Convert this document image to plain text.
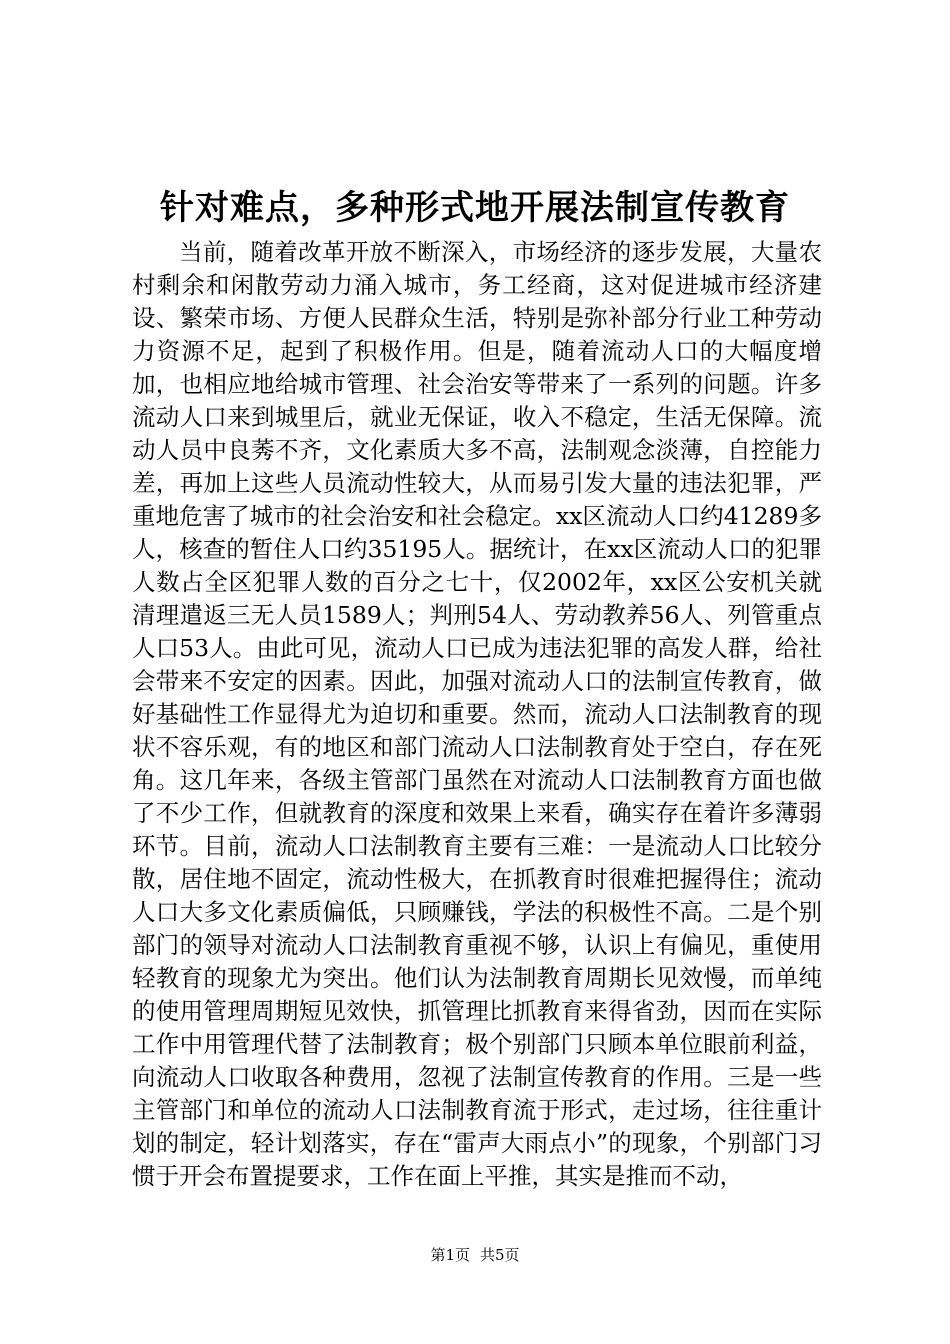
针对难点，多种形式地开展法制宣传教育

当前，随着改革开放不断深入，市场经济的逐步发展，大量农村剩余和闲散劳动力涌入城市，务工经商，这对促进城市经济建设、繁荣市场、方便人民群众生活，特别是弥补部分行业工种劳动力资源不足，起到了积极作用。但是，随着流动人口的大幅度增加，也相应地给城市管理、社会治安等带来了一系列的问题。许多流动人口来到城里后，就业无保证，收入不稳定，生活无保障。流动人员中良莠不齐，文化素质大多不高，法制观念淡薄，自控能力差，再加上这些人员流动性较大，从而易引发大量的违法犯罪，严重地危害了城市的社会治安和社会稳定。xx区流动人口约41289多人，核查的暂住人口约35195人。据统计，在xx区流动人口的犯罪人数占全区犯罪人数的百分之七十，仅2002年，xx区公安机关就清理遣返三无人员1589人；判刑54人、劳动教养56人、列管重点人口53人。由此可见，流动人口已成为违法犯罪的高发人群，给社会带来不安定的因素。因此，加强对流动人口的法制宣传教育，做好基础性工作显得尤为迫切和重要。然而，流动人口法制教育的现状不容乐观，有的地区和部门流动人口法制教育处于空白，存在死角。这几年来，各级主管部门虽然在对流动人口法制教育方面也做了不少工作，但就教育的深度和效果上来看，确实存在着许多薄弱环节。目前，流动人口法制教育主要有三难：一是流动人口比较分散，居住地不固定，流动性极大，在抓教育时很难把握得住；流动人口大多文化素质偏低，只顾赚钱，学法的积极性不高。二是个别部门的领导对流动人口法制教育重视不够，认识上有偏见，重使用轻教育的现象尤为突出。他们认为法制教育周期长见效慢，而单纯的使用管理周期短见效快，抓管理比抓教育来得省劲，因而在实际工作中用管理代替了法制教育；极个别部门只顾本单位眼前利益，向流动人口收取各种费用，忽视了法制宣传教育的作用。三是一些主管部门和单位的流动人口法制教育流于形式，走过场，往往重计划的制定，轻计划落实，存在“雷声大雨点小”的现象，个别部门习惯于开会布置提要求，工作在面上平推，其实是推而不动，

第1页 共5页
